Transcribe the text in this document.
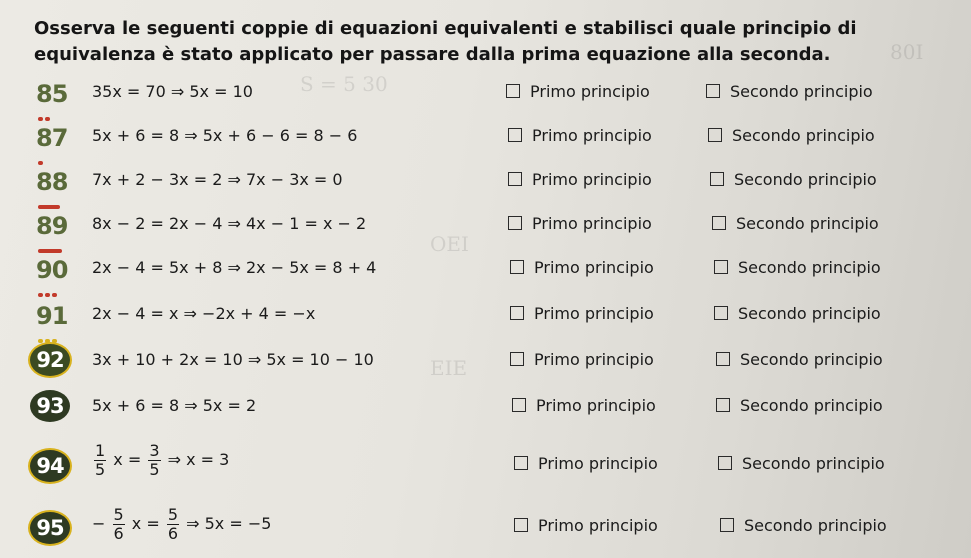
Osserva le seguenti coppie di equazioni equivalenti e stabilisci quale principio di equivalenza è stato applicato per passare dalla prima equazione alla seconda.
S = 5 30
OEI
EIE
80I
85	35x = 70 ⇒ 5x = 10	Primo principio	Secondo principio
87	5x + 6 = 8 ⇒ 5x + 6 − 6 = 8 − 6	Primo principio	Secondo principio
88	7x + 2 − 3x = 2 ⇒ 7x − 3x = 0	Primo principio	Secondo principio
89	8x − 2 = 2x − 4 ⇒ 4x − 1 = x − 2	Primo principio	Secondo principio
90	2x − 4 = 5x + 8 ⇒ 2x − 5x = 8 + 4	Primo principio	Secondo principio
91	2x − 4 = x ⇒ −2x + 4 = −x	Primo principio	Secondo principio
92	3x + 10 + 2x = 10 ⇒ 5x = 10 − 10	Primo principio	Secondo principio
93	5x + 6 = 8 ⇒ 5x = 2	Primo principio	Secondo principio
94	$\frac{1}{5}$ $x = \frac{3}{5}$ ⇒ x = 3	Primo principio	Secondo principio
95	− $\frac{5}{6}$ $x = \frac{5}{6}$ ⇒ 5x = −5	Primo principio	Secondo principio
